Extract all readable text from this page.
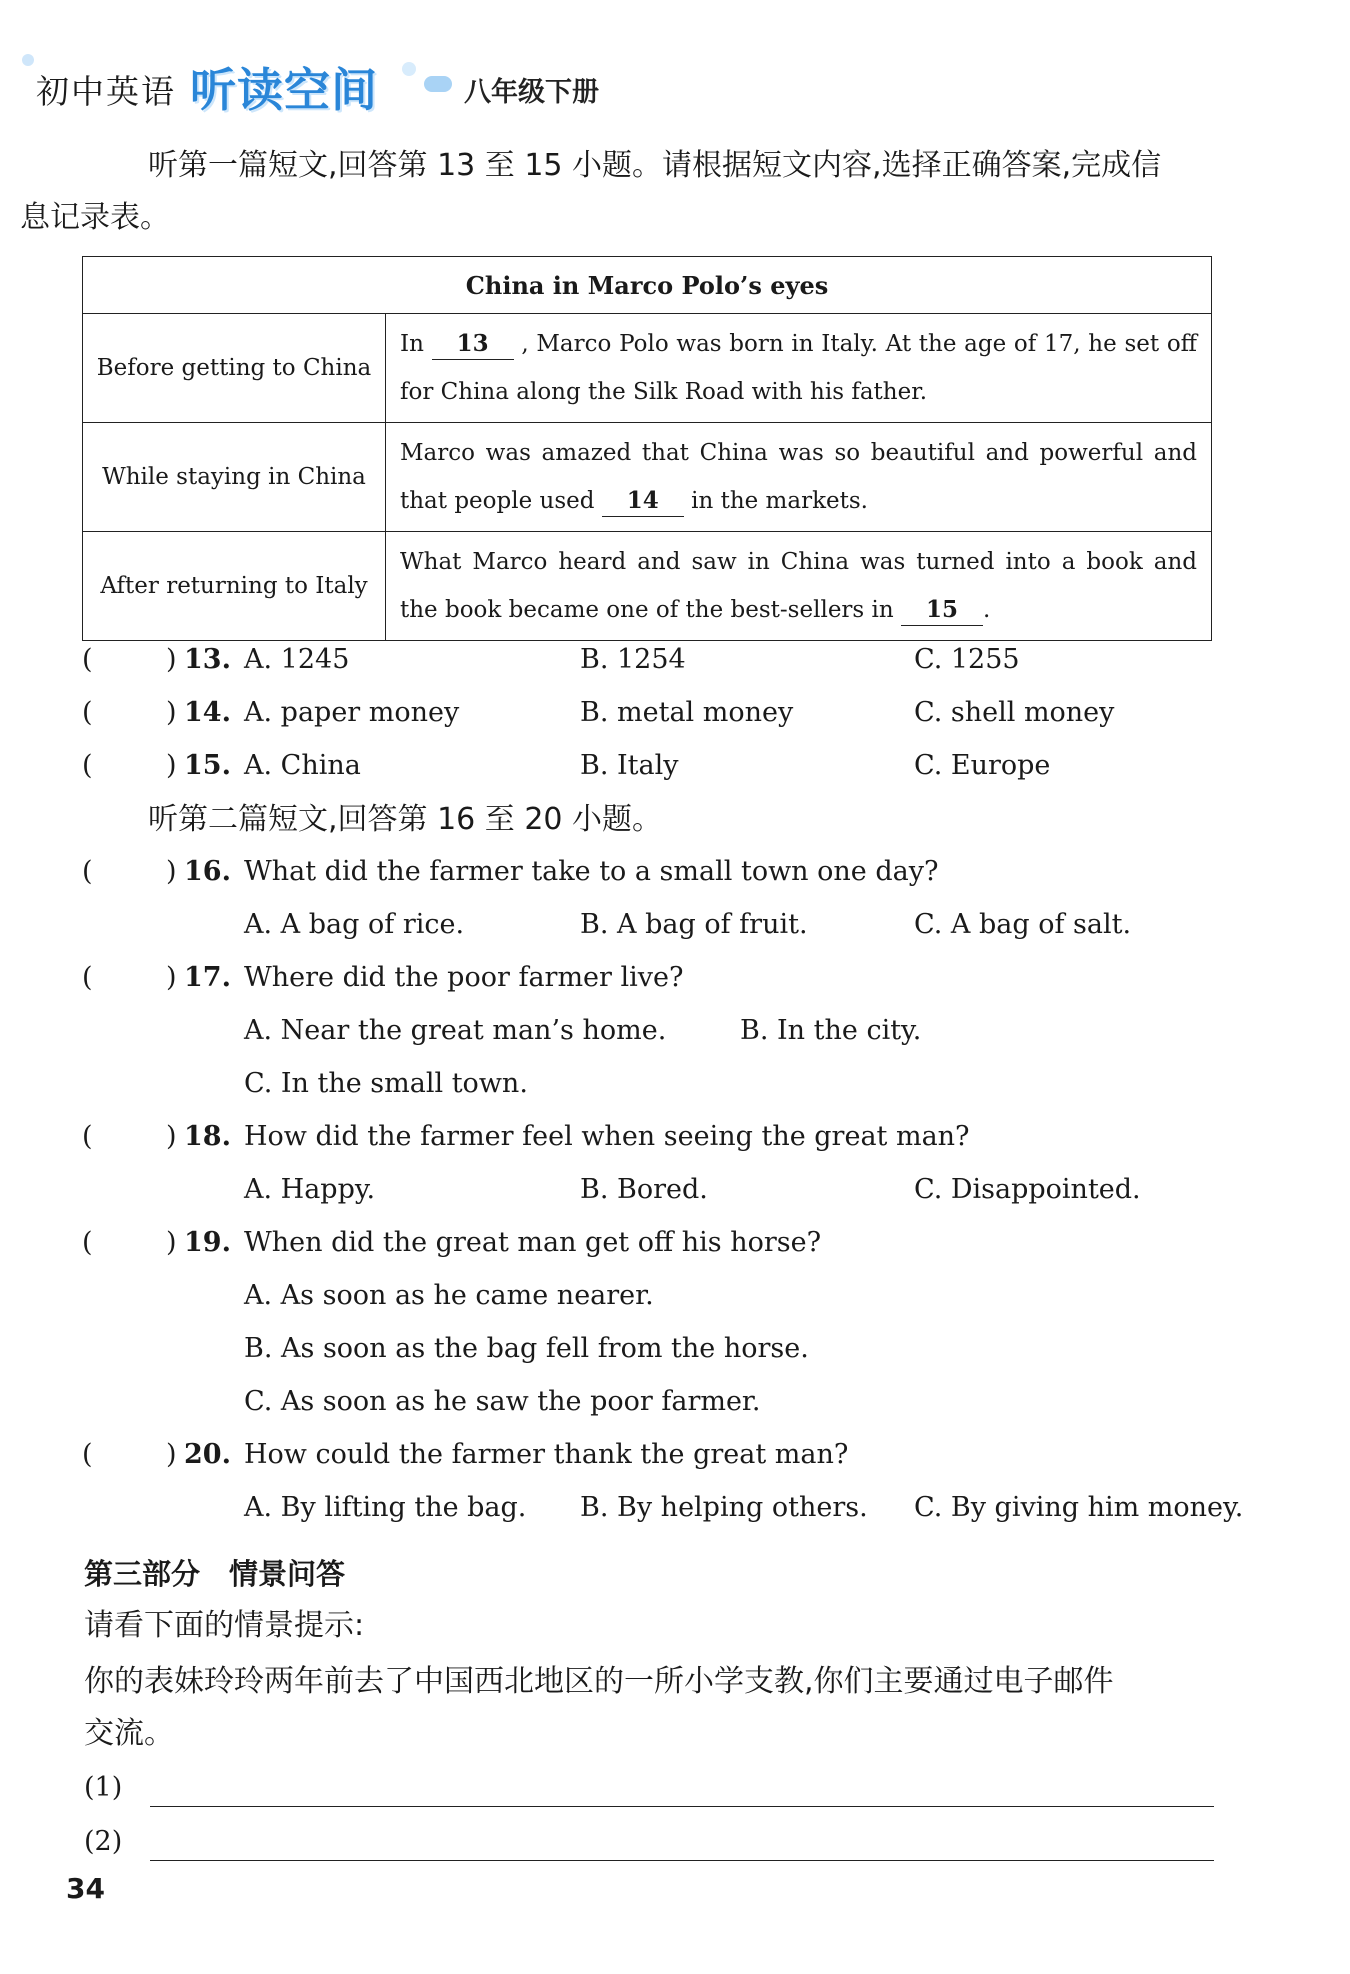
初中英语 听读空间	八年级下册
听第一篇短文,回答第 13 至 15 小题。请根据短文内容,选择正确答案,完成信
息记录表。
China in Marco Polo’s eyes	
Before getting to China	In 13 , Marco Polo was born in Italy. At the age of 17, he set off for China along the Silk Road with his father.
While staying in China	Marco was amazed that China was so beautiful and powerful and that people used 14 in the markets.
After returning to Italy	What Marco heard and saw in China was turned into a book and the book became one of the best-sellers in 15 .
(	) 13. A. 1245	B. 1254	C. 1255
(	) 14. A. paper money	B. metal money	C. shell money
(	) 15. A. China	B. Italy	C. Europe
听第二篇短文,回答第 16 至 20 小题。
(	) 16. What did the farmer take to a small town one day?
A. A bag of rice.	B. A bag of fruit.	C. A bag of salt.
(	) 17. Where did the poor farmer live?
A. Near the great man’s home.	B. In the city.
C. In the small town.
(	) 18. How did the farmer feel when seeing the great man?
A. Happy.	B. Bored.	C. Disappointed.
(	) 19. When did the great man get off his horse?
A. As soon as he came nearer.
B. As soon as the bag fell from the horse.
C. As soon as he saw the poor farmer.
(	) 20. How could the farmer thank the great man?
A. By lifting the bag. B. By helping others. C. By giving him money.
第三部分　情景问答
请看下面的情景提示:
你的表妹玲玲两年前去了中国西北地区的一所小学支教,你们主要通过电子邮件
交流。
(1)
(2)
34
